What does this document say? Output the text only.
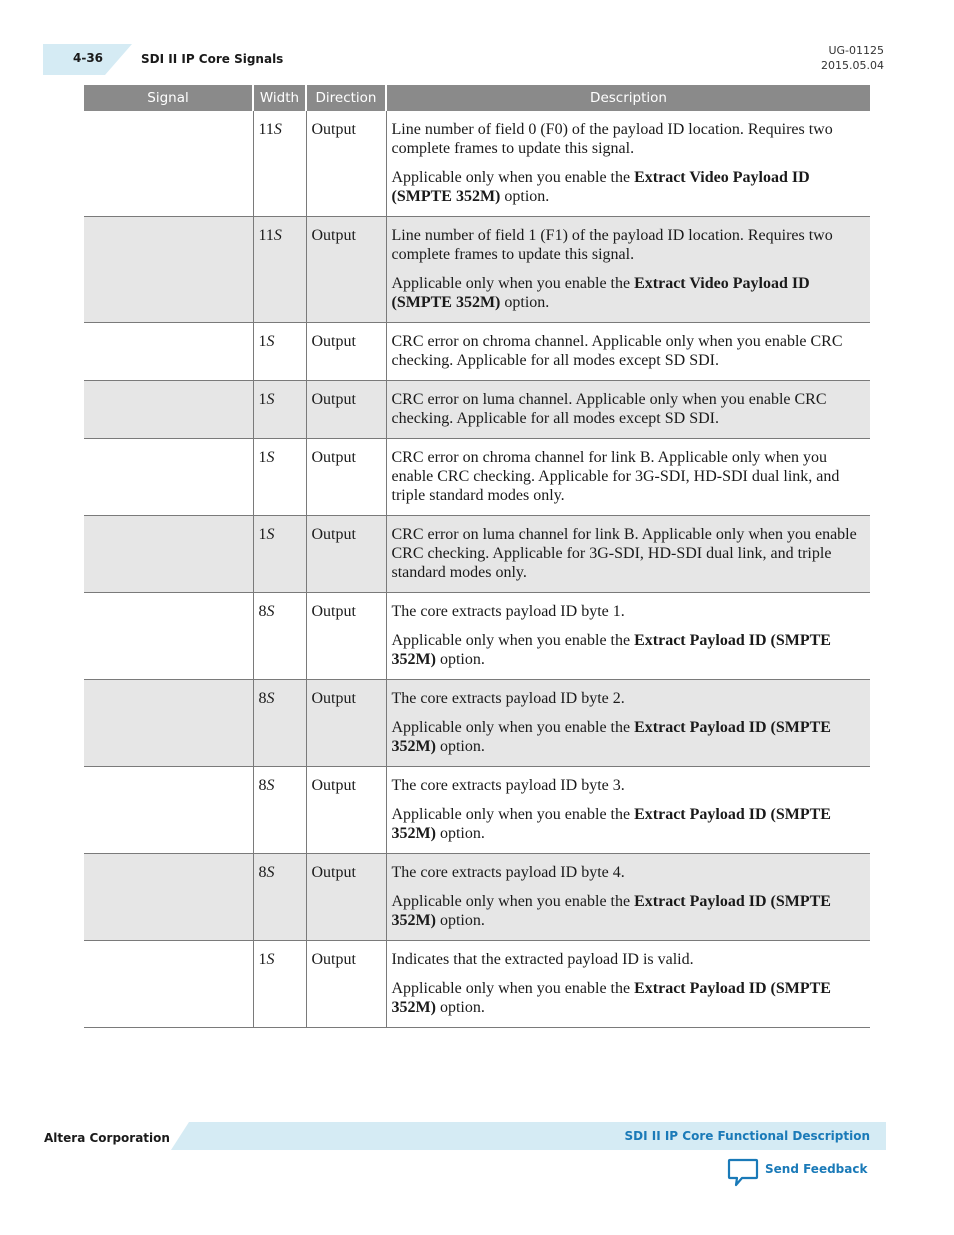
4-36	SDI II IP Core Signals
UG-01125
2015.05.04
Signal	Width	Direction	Description
	11S	Output	Line number of field 0 (F0) of the payload ID location. Requires two complete frames to update this signal.

Applicable only when you enable the Extract Video Payload ID (SMPTE 352M) option.

	11S	Output	Line number of field 1 (F1) of the payload ID location. Requires two complete frames to update this signal.

Applicable only when you enable the Extract Video Payload ID (SMPTE 352M) option.

	1S	Output	CRC error on chroma channel. Applicable only when you enable CRC checking. Applicable for all modes except SD SDI.

	1S	Output	CRC error on luma channel. Applicable only when you enable CRC checking. Applicable for all modes except SD SDI.

	1S	Output	CRC error on chroma channel for link B. Applicable only when you enable CRC checking. Applicable for 3G-SDI, HD-SDI dual link, and triple standard modes only.

	1S	Output	CRC error on luma channel for link B. Applicable only when you enable CRC checking. Applicable for 3G-SDI, HD-SDI dual link, and triple standard modes only.

	8S	Output	The core extracts payload ID byte 1.

Applicable only when you enable the Extract Payload ID (SMPTE 352M) option.

	8S	Output	The core extracts payload ID byte 2.

Applicable only when you enable the Extract Payload ID (SMPTE 352M) option.

	8S	Output	The core extracts payload ID byte 3.

Applicable only when you enable the Extract Payload ID (SMPTE 352M) option.

	8S	Output	The core extracts payload ID byte 4.

Applicable only when you enable the Extract Payload ID (SMPTE 352M) option.

	1S	Output	Indicates that the extracted payload ID is valid.

Applicable only when you enable the Extract Payload ID (SMPTE 352M) option.

Altera Corporation	SDI II IP Core Functional Description
Send Feedback
